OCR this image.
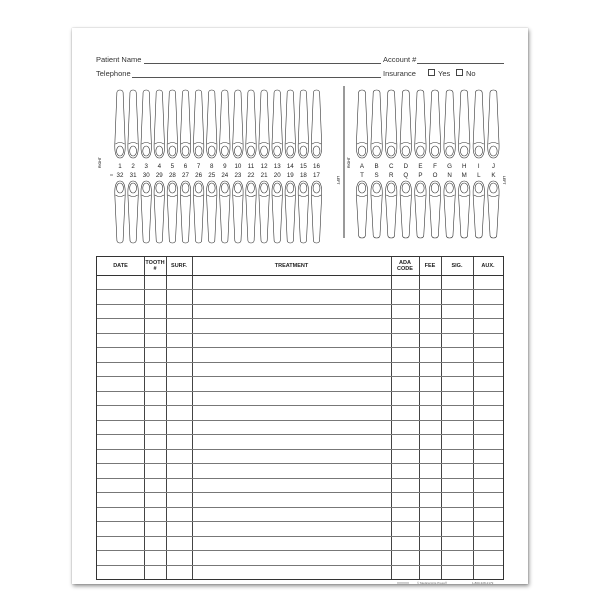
Patient Name	Account #
Telephone	Insurance	Yes No
RIGHT
LEFT
RIGHT
LEFT
1 2 3 4 5 6 7 8 9 10 11 12 13 14 15 16
32 31 30 29 28 27 26 25 24 23 22 21 20 19 18 17
A B C D E F G H I J
T S R Q P O N M L K
DATE	TOOTH #	SURF.	TREATMENT	ADA CODE	FEE	SIG.	AUX.
XXXXXX	© Medical Arts Press®	1-800-328-2179
